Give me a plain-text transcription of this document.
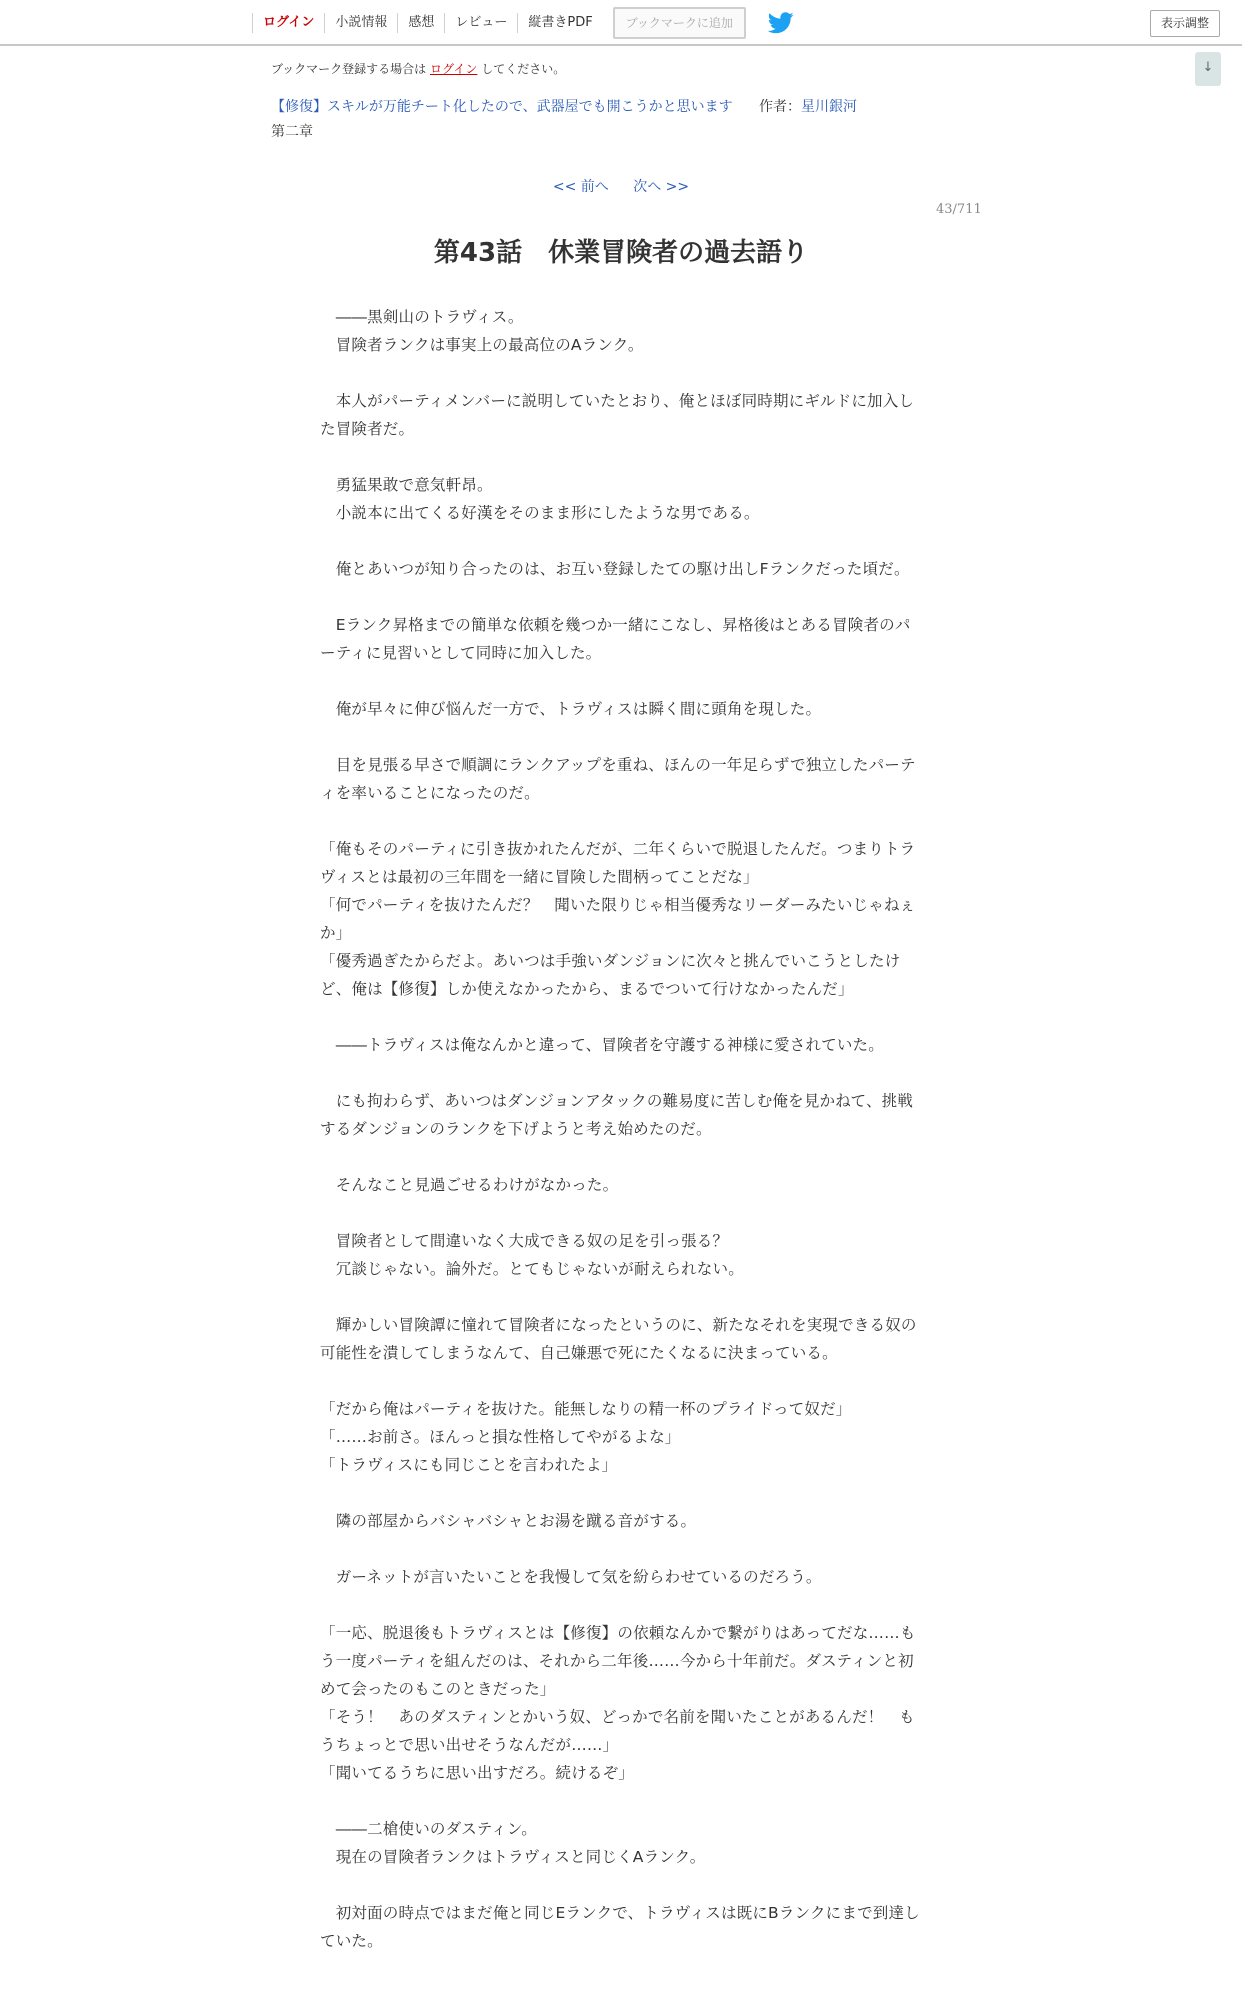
ログイン	小説情報	感想	レビュー	縦書きPDF	ブックマークに追加	表示調整
↓
ブックマーク登録する場合は ログイン してください。
【修復】スキルが万能チート化したので、武器屋でも開こうかと思います 作者：星川銀河
第二章
<< 前へ 次へ >>
43/711
第43話　休業冒険者の過去語り

　――黒剣山のトラヴィス。

　冒険者ランクは事実上の最高位のAランク。

　本人がパーティメンバーに説明していたとおり、俺とほぼ同時期にギルドに加入した冒険者だ。

　勇猛果敢で意気軒昂。

　小説本に出てくる好漢をそのまま形にしたような男である。

　俺とあいつが知り合ったのは、お互い登録したての駆け出しFランクだった頃だ。

　Eランク昇格までの簡単な依頼を幾つか一緒にこなし、昇格後はとある冒険者のパーティに見習いとして同時に加入した。

　俺が早々に伸び悩んだ一方で、トラヴィスは瞬く間に頭角を現した。

　目を見張る早さで順調にランクアップを重ね、ほんの一年足らずで独立したパーティを率いることになったのだ。

「俺もそのパーティに引き抜かれたんだが、二年くらいで脱退したんだ。つまりトラヴィスとは最初の三年間を一緒に冒険した間柄ってことだな」

「何でパーティを抜けたんだ？　聞いた限りじゃ相当優秀なリーダーみたいじゃねぇか」

「優秀過ぎたからだよ。あいつは手強いダンジョンに次々と挑んでいこうとしたけど、俺は【修復】しか使えなかったから、まるでついて行けなかったんだ」

　――トラヴィスは俺なんかと違って、冒険者を守護する神様に愛されていた。

　にも拘わらず、あいつはダンジョンアタックの難易度に苦しむ俺を見かねて、挑戦するダンジョンのランクを下げようと考え始めたのだ。

　そんなこと見過ごせるわけがなかった。

　冒険者として間違いなく大成できる奴の足を引っ張る？

　冗談じゃない。論外だ。とてもじゃないが耐えられない。

　輝かしい冒険譚に憧れて冒険者になったというのに、新たなそれを実現できる奴の可能性を潰してしまうなんて、自己嫌悪で死にたくなるに決まっている。

「だから俺はパーティを抜けた。能無しなりの精一杯のプライドって奴だ」

「……お前さ。ほんっと損な性格してやがるよな」

「トラヴィスにも同じことを言われたよ」

　隣の部屋からバシャバシャとお湯を蹴る音がする。

　ガーネットが言いたいことを我慢して気を紛らわせているのだろう。

「一応、脱退後もトラヴィスとは【修復】の依頼なんかで繋がりはあってだな……もう一度パーティを組んだのは、それから二年後……今から十年前だ。ダスティンと初めて会ったのもこのときだった」

「そう！　あのダスティンとかいう奴、どっかで名前を聞いたことがあるんだ！　もうちょっとで思い出せそうなんだが……」

「聞いてるうちに思い出すだろ。続けるぞ」

　――二槍使いのダスティン。

　現在の冒険者ランクはトラヴィスと同じくAランク。

　初対面の時点ではまだ俺と同じEランクで、トラヴィスは既にBランクにまで到達していた。
